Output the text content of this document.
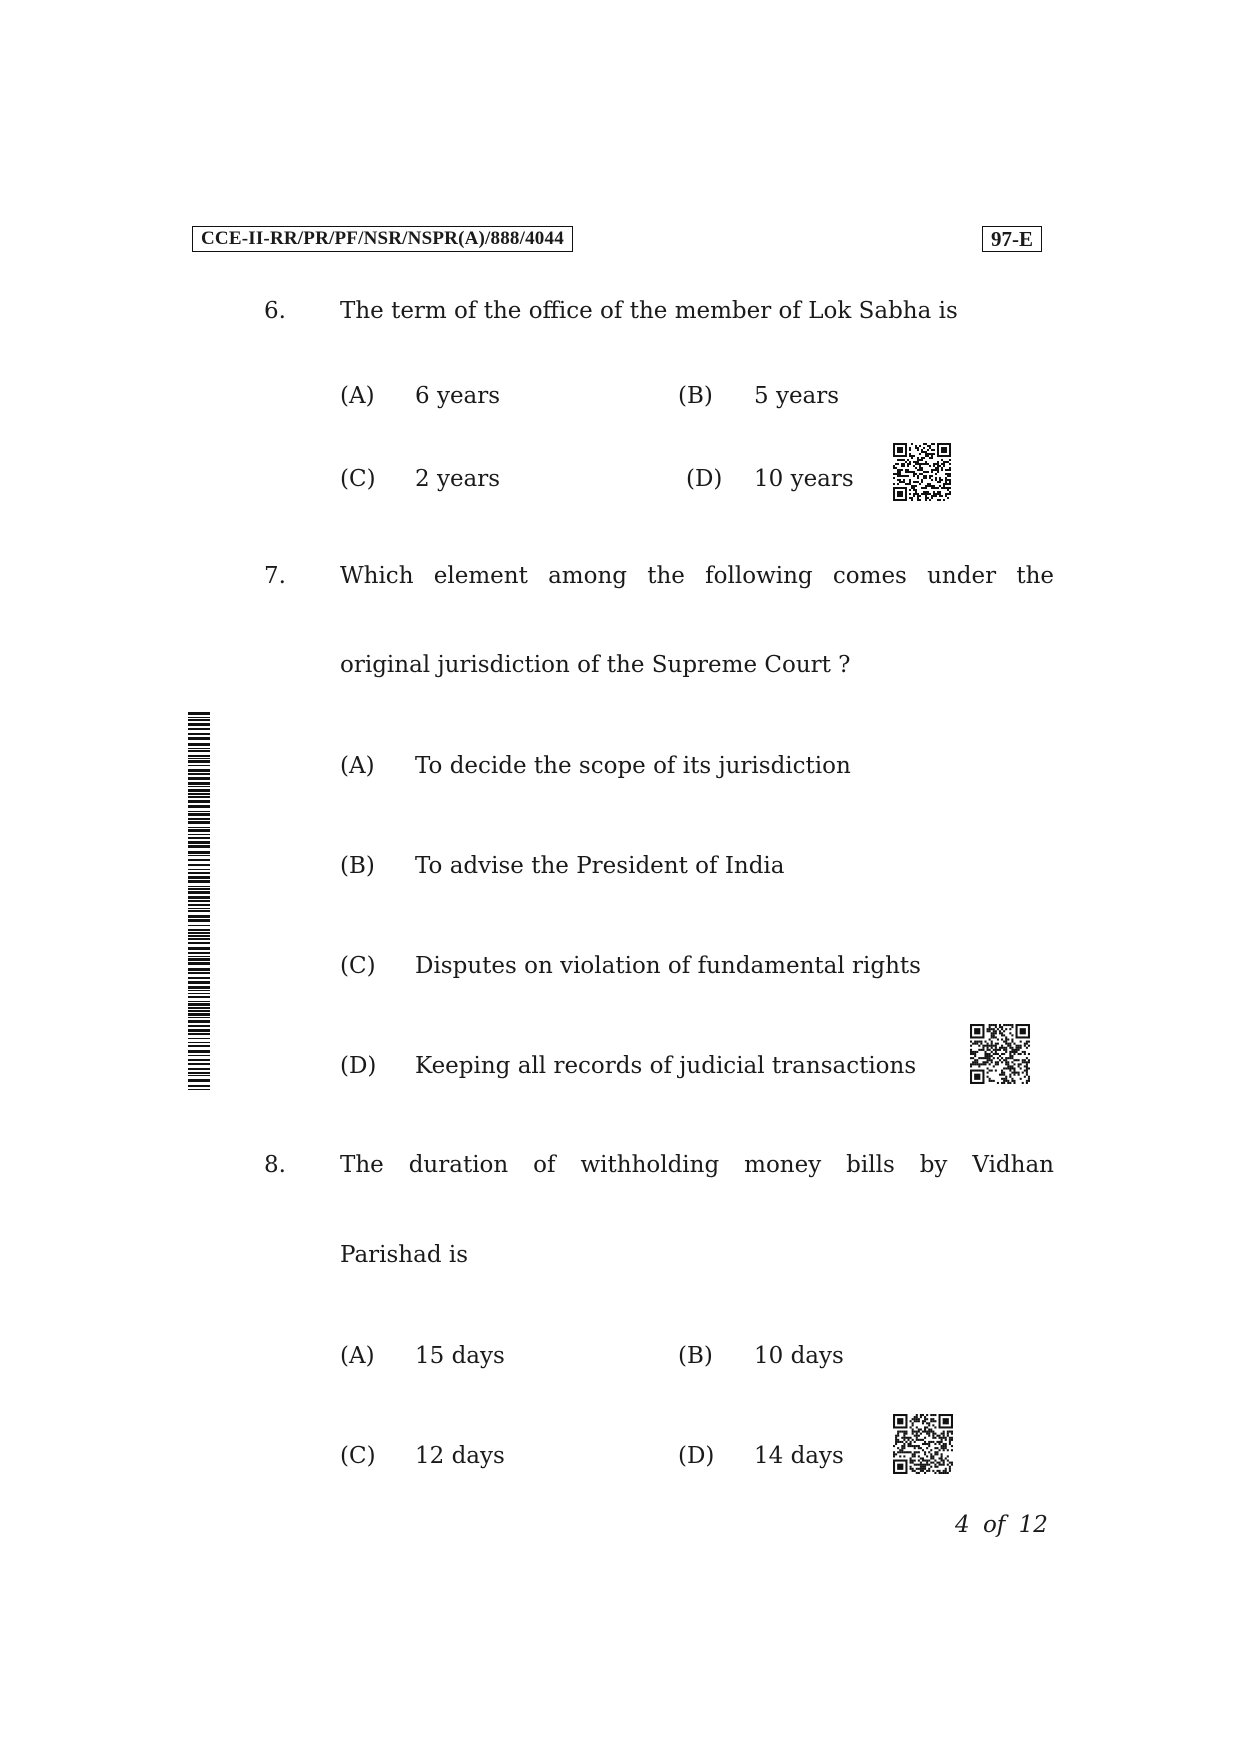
CCE-II-RR/PR/PF/NSR/NSPR(A)/888/4044	97-E
6. The term of the office of the member of Lok Sabha is
(A) 6 years	(B) 5 years
(C) 2 years	(D) 10 years
7. Which element among the following comes under the
original jurisdiction of the Supreme Court ?
(A) To decide the scope of its jurisdiction
(B) To advise the President of India
(C) Disputes on violation of fundamental rights
(D) Keeping all records of judicial transactions
8. The duration of withholding money bills by Vidhan
Parishad is
(A) 15 days	(B) 10 days
(C) 12 days	(D) 14 days
4 of 12
